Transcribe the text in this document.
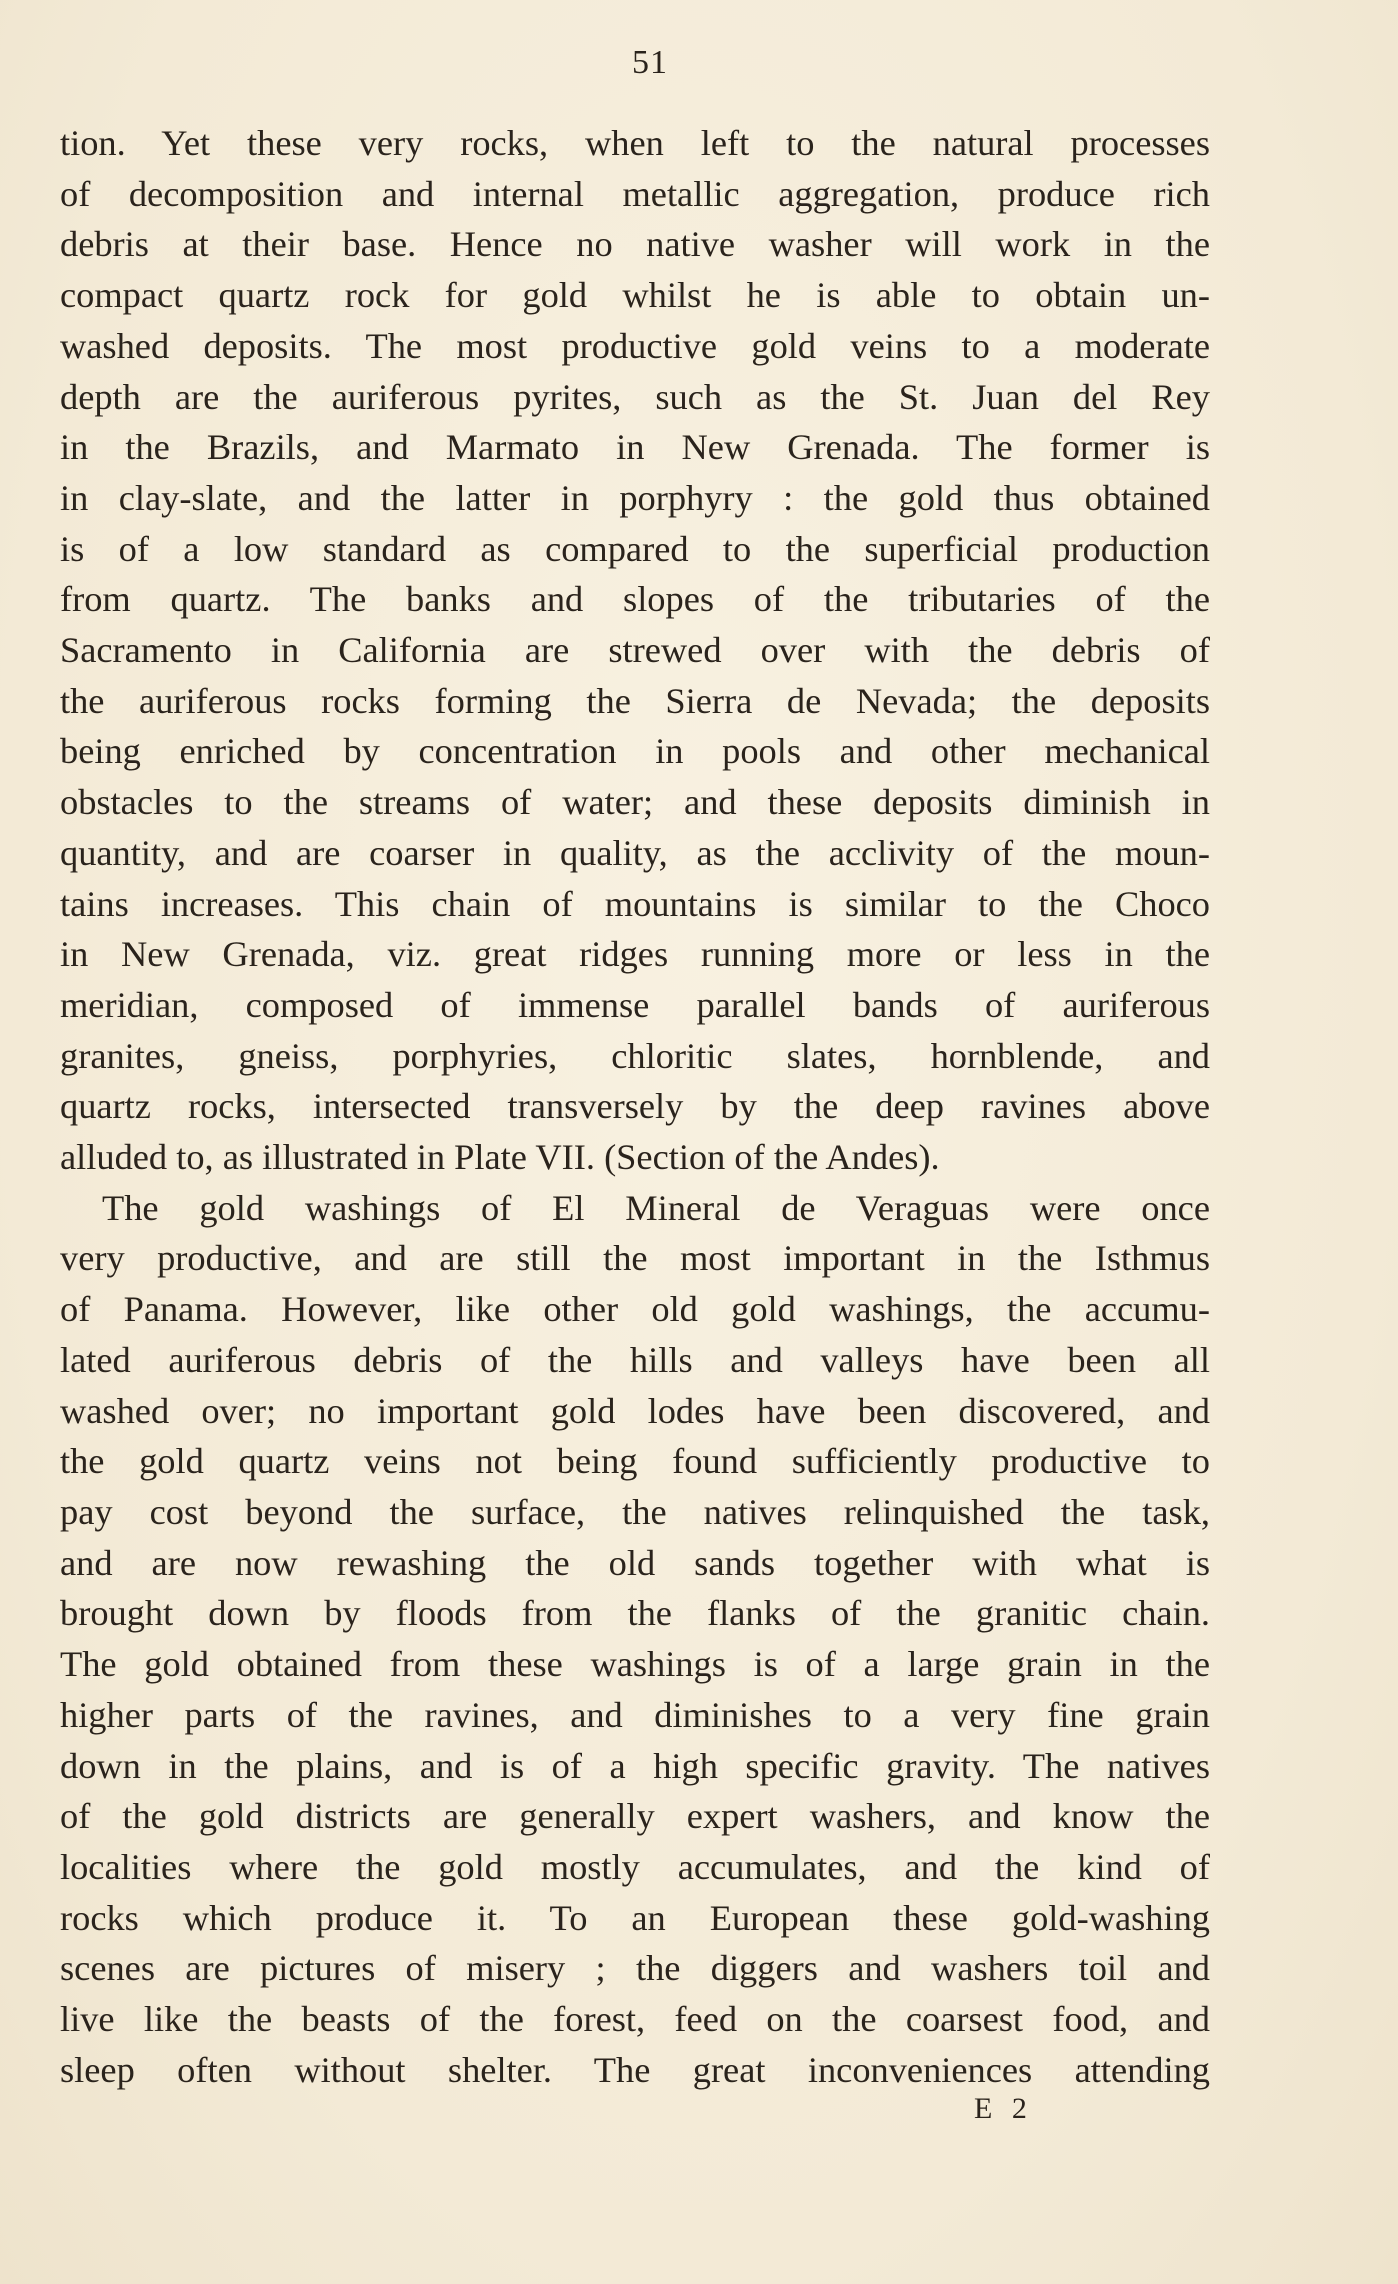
51
tion. Yet these very rocks, when left to the natural processes
of decomposition and internal metallic aggregation, produce rich
debris at their base. Hence no native washer will work in the
compact quartz rock for gold whilst he is able to obtain un-
washed deposits. The most productive gold veins to a moderate
depth are the auriferous pyrites, such as the St. Juan del Rey
in the Brazils, and Marmato in New Grenada. The former is
in clay-slate, and the latter in porphyry : the gold thus obtained
is of a low standard as compared to the superficial production
from quartz. The banks and slopes of the tributaries of the
Sacramento in California are strewed over with the debris of
the auriferous rocks forming the Sierra de Nevada; the deposits
being enriched by concentration in pools and other mechanical
obstacles to the streams of water; and these deposits diminish in
quantity, and are coarser in quality, as the acclivity of the moun-
tains increases. This chain of mountains is similar to the Choco
in New Grenada, viz. great ridges running more or less in the
meridian, composed of immense parallel bands of auriferous
granites, gneiss, porphyries, chloritic slates, hornblende, and
quartz rocks, intersected transversely by the deep ravines above
alluded to, as illustrated in Plate VII. (Section of the Andes).
The gold washings of El Mineral de Veraguas were once
very productive, and are still the most important in the Isthmus
of Panama. However, like other old gold washings, the accumu-
lated auriferous debris of the hills and valleys have been all
washed over; no important gold lodes have been discovered, and
the gold quartz veins not being found sufficiently productive to
pay cost beyond the surface, the natives relinquished the task,
and are now rewashing the old sands together with what is
brought down by floods from the flanks of the granitic chain.
The gold obtained from these washings is of a large grain in the
higher parts of the ravines, and diminishes to a very fine grain
down in the plains, and is of a high specific gravity. The natives
of the gold districts are generally expert washers, and know the
localities where the gold mostly accumulates, and the kind of
rocks which produce it. To an European these gold-washing
scenes are pictures of misery ; the diggers and washers toil and
live like the beasts of the forest, feed on the coarsest food, and
sleep often without shelter. The great inconveniences attending
E 2
